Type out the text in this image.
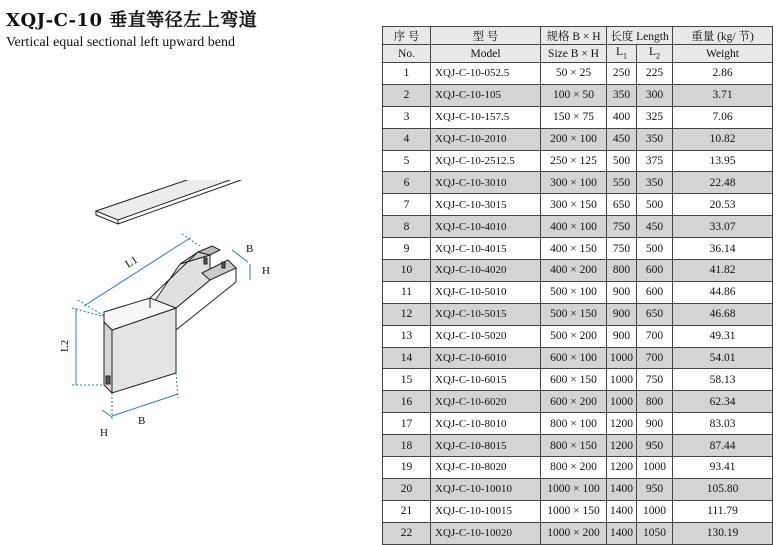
XQJ-C-10 垂直等径左上弯道
Vertical equal sectional left upward bend
L1
L2
B
H
B
H
序 号	型 号	规格 B × H	长度 Length		重量 (kg/ 节)
No.	Model	Size B × H	$L_1$	$L_2$	Weight
1	XQJ-C-10-052.5	50 × 25	250	225	2.86
2	XQJ-C-10-105	100 × 50	350	300	3.71
3	XQJ-C-10-157.5	150 × 75	400	325	7.06
4	XQJ-C-10-2010	200 × 100	450	350	10.82
5	XQJ-C-10-2512.5	250 × 125	500	375	13.95
6	XQJ-C-10-3010	300 × 100	550	350	22.48
7	XQJ-C-10-3015	300 × 150	650	500	20.53
8	XQJ-C-10-4010	400 × 100	750	450	33.07
9	XQJ-C-10-4015	400 × 150	750	500	36.14
10	XQJ-C-10-4020	400 × 200	800	600	41.82
11	XQJ-C-10-5010	500 × 100	900	600	44.86
12	XQJ-C-10-5015	500 × 150	900	650	46.68
13	XQJ-C-10-5020	500 × 200	900	700	49.31
14	XQJ-C-10-6010	600 × 100	1000	700	54.01
15	XQJ-C-10-6015	600 × 150	1000	750	58.13
16	XQJ-C-10-6020	600 × 200	1000	800	62.34
17	XQJ-C-10-8010	800 × 100	1200	900	83.03
18	XQJ-C-10-8015	800 × 150	1200	950	87.44
19	XQJ-C-10-8020	800 × 200	1200	1000	93.41
20	XQJ-C-10-10010	1000 × 100	1400	950	105.80
21	XQJ-C-10-10015	1000 × 150	1400	1000	111.79
22	XQJ-C-10-10020	1000 × 200	1400	1050	130.19
